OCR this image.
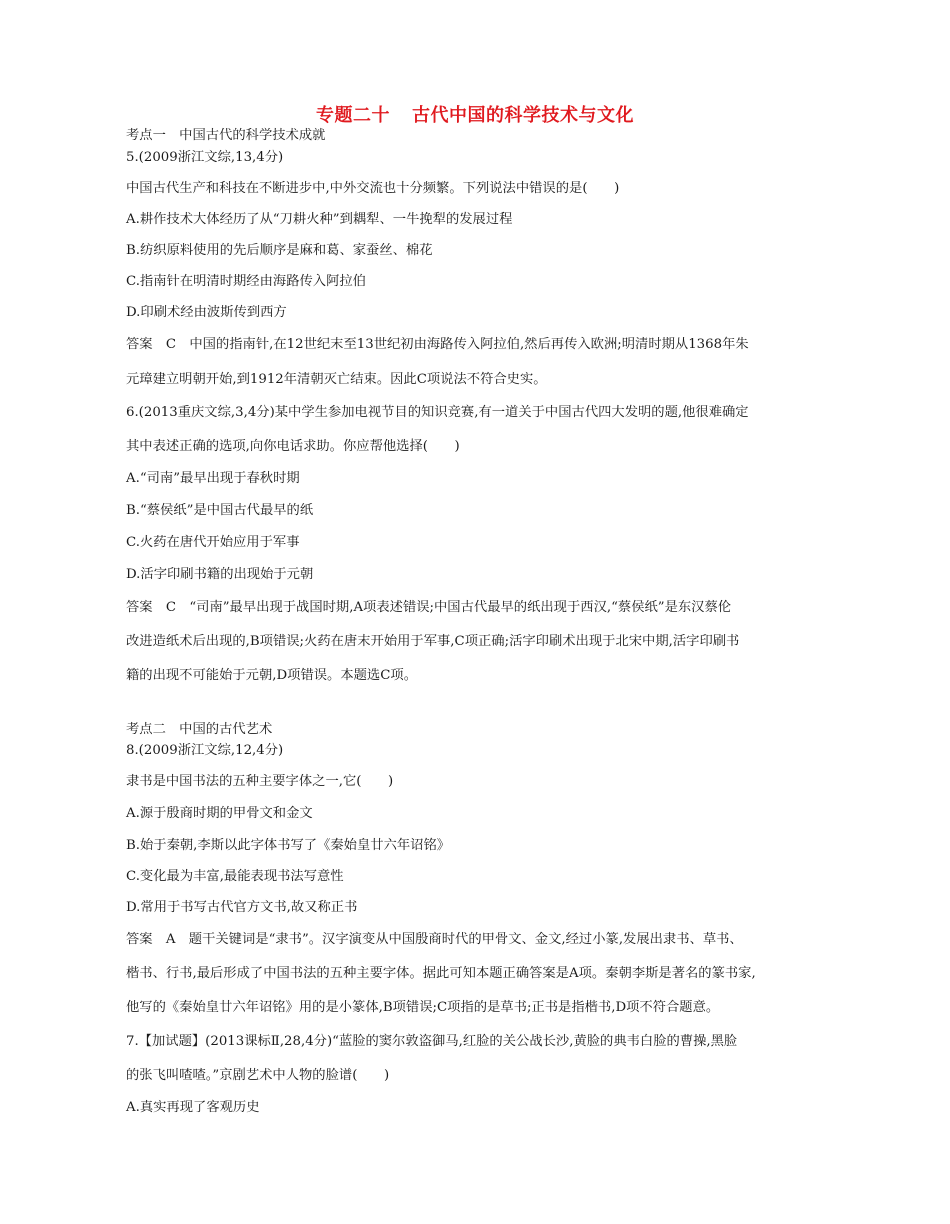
专题二十 古代中国的科学技术与文化
考点一　中国古代的科学技术成就
5.(2009浙江文综,13,4分)
中国古代生产和科技在不断进步中,中外交流也十分频繁。下列说法中错误的是(　　)
A.耕作技术大体经历了从“刀耕火种”到耦犁、一牛挽犁的发展过程
B.纺织原料使用的先后顺序是麻和葛、家蚕丝、棉花
C.指南针在明清时期经由海路传入阿拉伯
D.印刷术经由波斯传到西方
答案　C　中国的指南针,在12世纪末至13世纪初由海路传入阿拉伯,然后再传入欧洲;明清时期从1368年朱
元璋建立明朝开始,到1912年清朝灭亡结束。因此C项说法不符合史实。
6.(2013重庆文综,3,4分)某中学生参加电视节目的知识竞赛,有一道关于中国古代四大发明的题,他很难确定
其中表述正确的选项,向你电话求助。你应帮他选择(　　)
A.“司南”最早出现于春秋时期
B.“蔡侯纸”是中国古代最早的纸
C.火药在唐代开始应用于军事
D.活字印刷书籍的出现始于元朝
答案　C　“司南”最早出现于战国时期,A项表述错误;中国古代最早的纸出现于西汉,“蔡侯纸”是东汉蔡伦
改进造纸术后出现的,B项错误;火药在唐末开始用于军事,C项正确;活字印刷术出现于北宋中期,活字印刷书
籍的出现不可能始于元朝,D项错误。本题选C项。
考点二　中国的古代艺术
8.(2009浙江文综,12,4分)
隶书是中国书法的五种主要字体之一,它(　　)
A.源于殷商时期的甲骨文和金文
B.始于秦朝,李斯以此字体书写了《秦始皇廿六年诏铭》
C.变化最为丰富,最能表现书法写意性
D.常用于书写古代官方文书,故又称正书
答案　A　题干关键词是“隶书”。汉字演变从中国殷商时代的甲骨文、金文,经过小篆,发展出隶书、草书、
楷书、行书,最后形成了中国书法的五种主要字体。据此可知本题正确答案是A项。秦朝李斯是著名的篆书家,
他写的《秦始皇廿六年诏铭》用的是小篆体,B项错误;C项指的是草书;正书是指楷书,D项不符合题意。
7.【加试题】(2013课标Ⅱ,28,4分)“蓝脸的窦尔敦盗御马,红脸的关公战长沙,黄脸的典韦白脸的曹操,黑脸
的张飞叫喳喳。”京剧艺术中人物的脸谱(　　)
A.真实再现了客观历史
